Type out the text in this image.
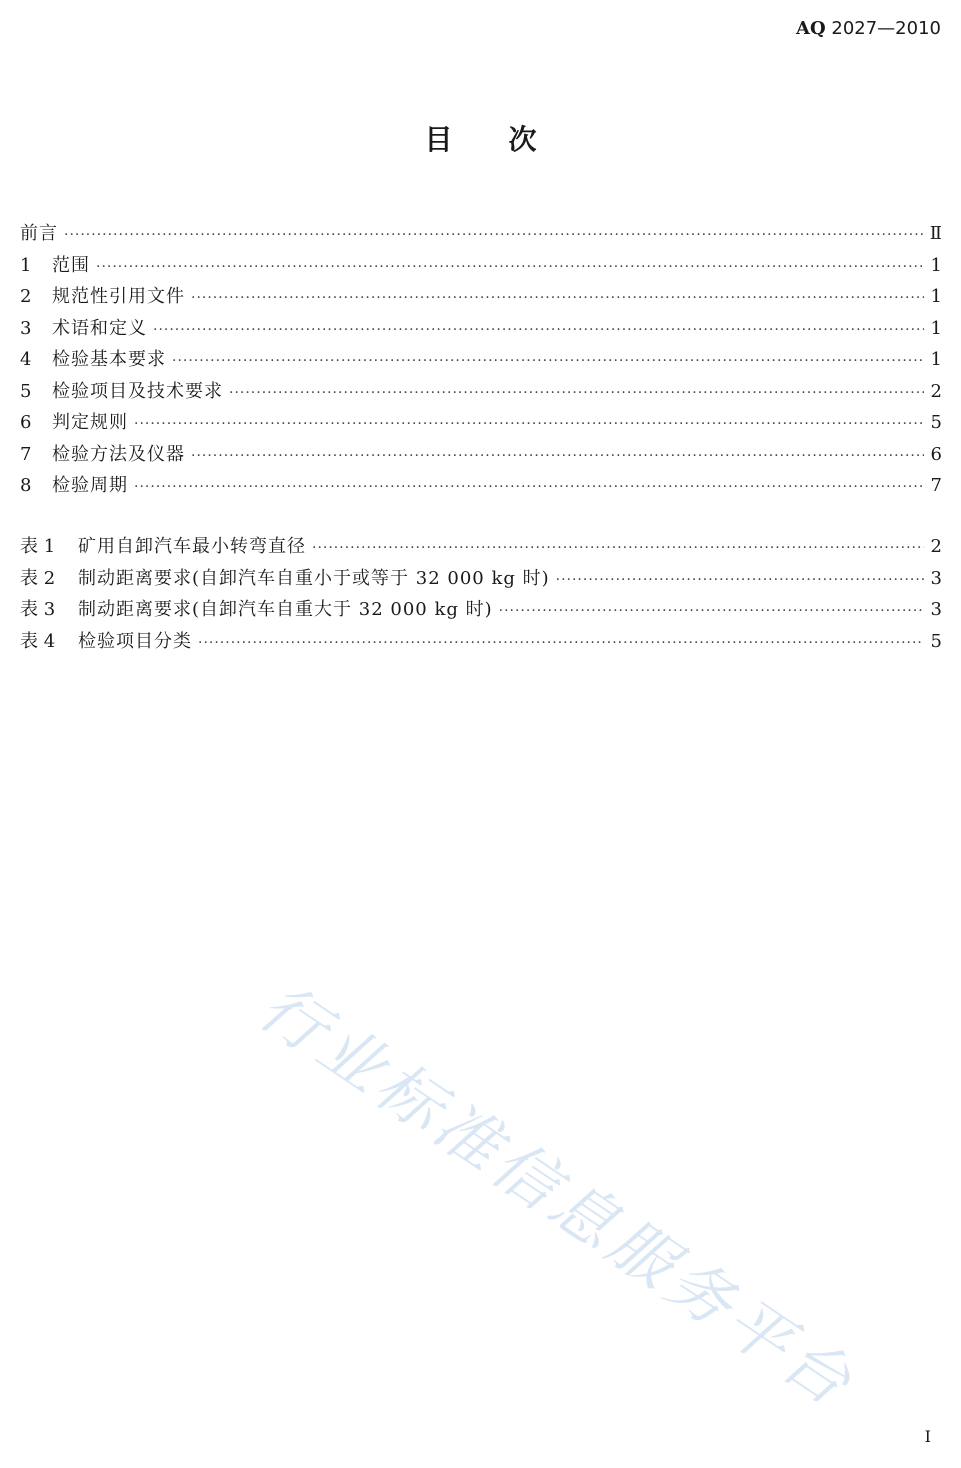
AQ 2027—2010
目次
前言 ·····	Ⅱ
1	范围 ·····	1
2	规范性引用文件 ·····	1
3	术语和定义 ·····	1
4	检验基本要求 ·····	1
5	检验项目及技术要求 ·····	2
6	判定规则 ·····	5
7	检验方法及仪器 ·····	6
8	检验周期 ·····	7
表 1	矿用自卸汽车最小转弯直径 ·····	2
表 2	制动距离要求(自卸汽车自重小于或等于 32 000 kg 时) ·····	3
表 3	制动距离要求(自卸汽车自重大于 32 000 kg 时) ·····	3
表 4	检验项目分类 ·····	5
行业标准信息服务平台
I
